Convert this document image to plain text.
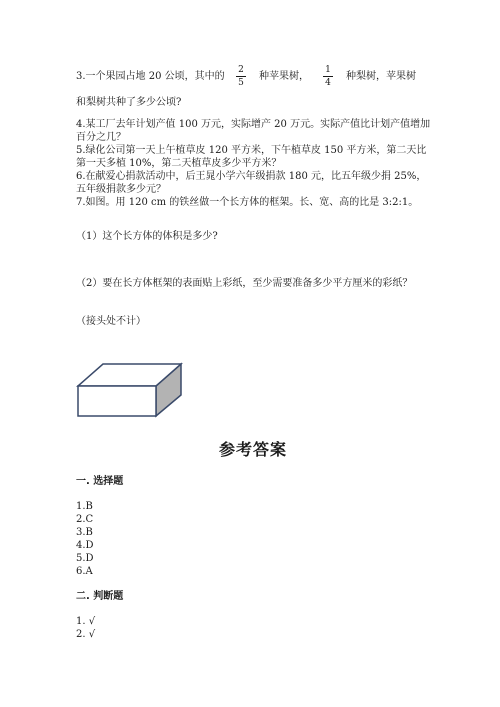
3.一个果园占地 20 公顷，其中的
2
5
种苹果树，
1
4
种梨树，苹果树
和梨树共种了多少公顷?
4.某工厂去年计划产值 100 万元，实际增产 20 万元。实际产值比计划产值增加
百分之几？
5.绿化公司第一天上午植草皮 120 平方米，下午植草皮 150 平方米，第二天比
第一天多植 10%，第二天植草皮多少平方米？
6.在献爱心捐款活动中，后王晁小学六年级捐款 180 元，比五年级少捐 25%，
五年级捐款多少元？
7.如图。用 120 cm 的铁丝做一个长方体的框架。长、宽、高的比是 3:2:1。
（1）这个长方体的体积是多少?
（2）要在长方体框架的表面贴上彩纸，至少需要准备多少平方厘米的彩纸？
（接头处不计）
参考答案
一. 选择题
1.B
2.C
3.B
4.D
5.D
6.A
二. 判断题
1. √
2. √
